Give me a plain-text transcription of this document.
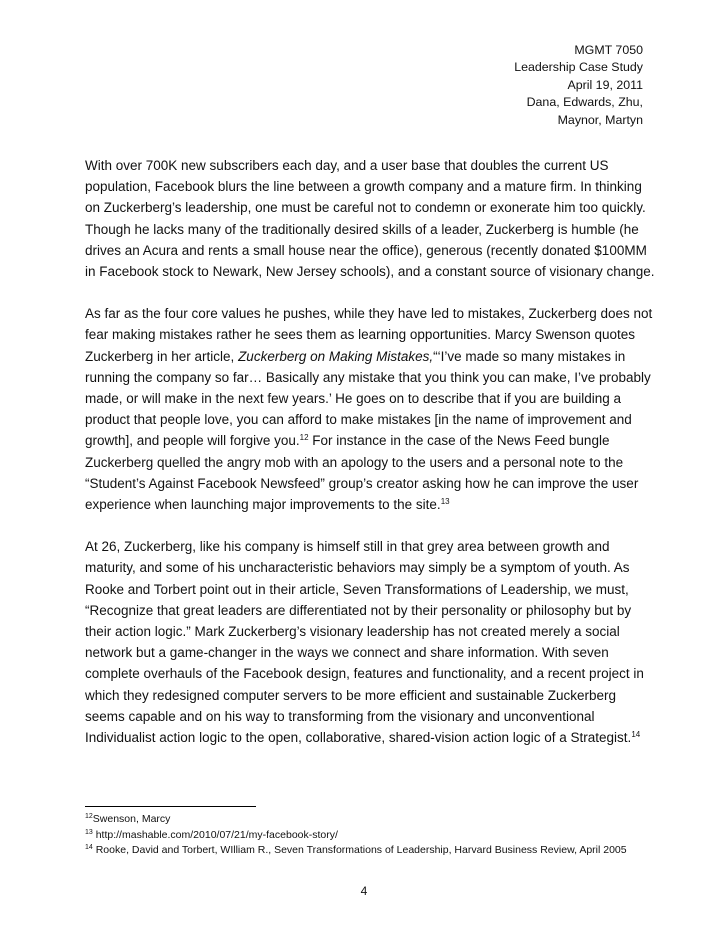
MGMT 7050
Leadership Case Study
April 19, 2011
Dana, Edwards, Zhu,
Maynor, Martyn

With over 700K new subscribers each day, and a user base that doubles the current US
population, Facebook blurs the line between a growth company and a mature firm. In thinking
on Zuckerberg’s leadership, one must be careful not to condemn or exonerate him too quickly.
Though he lacks many of the traditionally desired skills of a leader, Zuckerberg is humble (he
drives an Acura and rents a small house near the office), generous (recently donated $100MM
in Facebook stock to Newark, New Jersey schools), and a constant source of visionary change.

As far as the four core values he pushes, while they have led to mistakes, Zuckerberg does not
fear making mistakes rather he sees them as learning opportunities. Marcy Swenson quotes
Zuckerberg in her article, Zuckerberg on Making Mistakes,“‘I’ve made so many mistakes in
running the company so far… Basically any mistake that you think you can make, I’ve probably
made, or will make in the next few years.’ He goes on to describe that if you are building a
product that people love, you can afford to make mistakes [in the name of improvement and
growth], and people will forgive you.$^{12}$ For instance in the case of the News Feed bungle
Zuckerberg quelled the angry mob with an apology to the users and a personal note to the
“Student’s Against Facebook Newsfeed” group’s creator asking how he can improve the user
experience when launching major improvements to the site.$^{13}$

At 26, Zuckerberg, like his company is himself still in that grey area between growth and
maturity, and some of his uncharacteristic behaviors may simply be a symptom of youth. As
Rooke and Torbert point out in their article, Seven Transformations of Leadership, we must,
“Recognize that great leaders are differentiated not by their personality or philosophy but by
their action logic.” Mark Zuckerberg’s visionary leadership has not created merely a social
network but a game-changer in the ways we connect and share information. With seven
complete overhauls of the Facebook design, features and functionality, and a recent project in
which they redesigned computer servers to be more efficient and sustainable Zuckerberg
seems capable and on his way to transforming from the visionary and unconventional
Individualist action logic to the open, collaborative, shared-vision action logic of a Strategist.$^{14}$

$^{12}$Swenson, Marcy
$^{13}$ http://mashable.com/2010/07/21/my-facebook-story/
$^{14}$ Rooke, David and Torbert, WIlliam R., Seven Transformations of Leadership, Harvard Business Review, April 2005
4
